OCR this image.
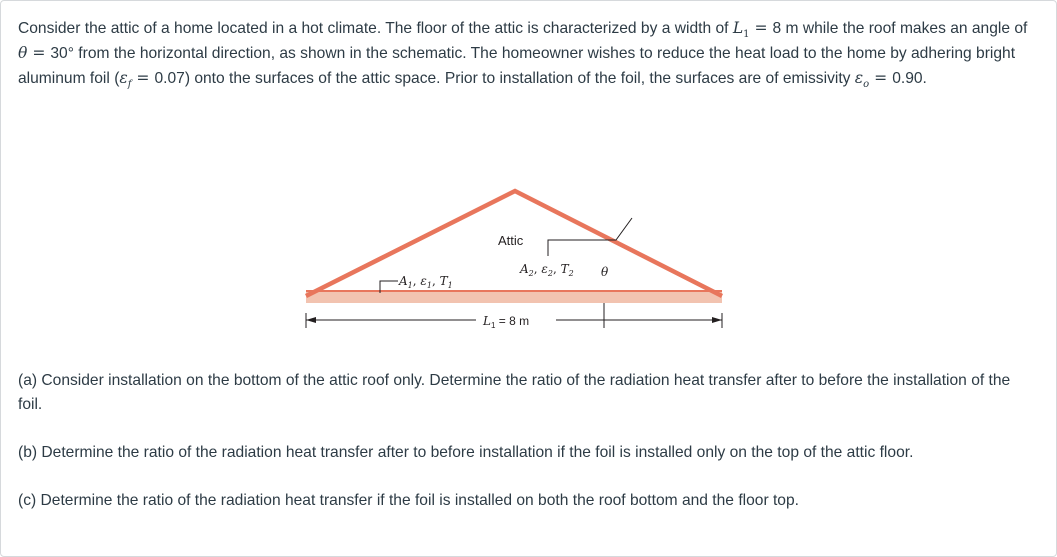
Consider the attic of a home located in a hot climate. The floor of the attic is characterized by a width of $L_1 = 8$ m while the roof makes an angle of θ = 30° from the horizontal direction, as shown in the schematic. The homeowner wishes to reduce the heat load to the home by adhering bright aluminum foil $(\varepsilon_f = 0.07)$ onto the surfaces of the attic space. Prior to installation of the foil, the surfaces are of emissivity $\varepsilon_o = 0.90$.

$A_1$, $\varepsilon_1$, $T_1$
Attic
$A_2$, $\varepsilon_2$, $T_2$ θ
$L_1 = 8$ m

(a) Consider installation on the bottom of the attic roof only. Determine the ratio of the radiation heat transfer after to before the installation of the foil.

(b) Determine the ratio of the radiation heat transfer after to before installation if the foil is installed only on the top of the attic floor.

(c) Determine the ratio of the radiation heat transfer if the foil is installed on both the roof bottom and the floor top.
